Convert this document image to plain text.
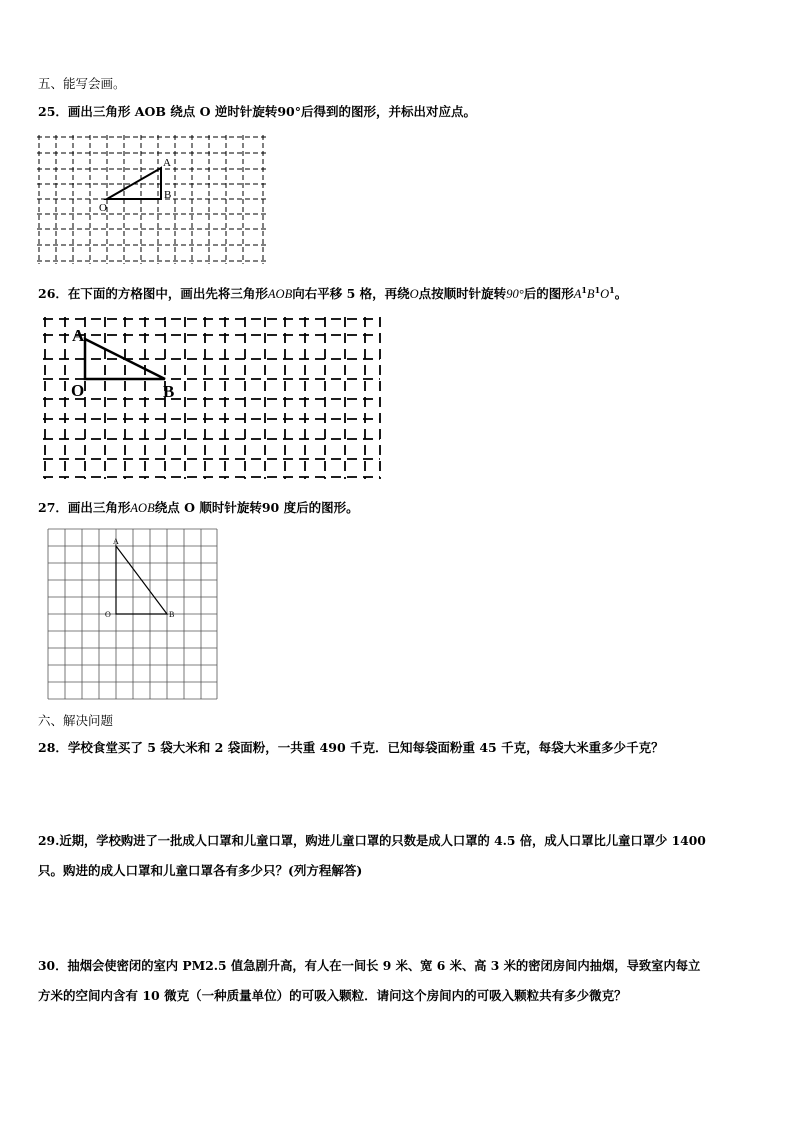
五、能写会画。
25．画出三角形 AOB 绕点 O 逆时针旋转90°后得到的图形，并标出对应点。
A
B
O
26．在下面的方格图中，画出先将三角形AOB向右平移 5 格，再绕O点按顺时针旋转90°后的图形$A^1B^1O^1$。
A
O	B
27．画出三角形AOB绕点 O 顺时针旋转90 度后的图形。
A
O	B
六、解决问题
28．学校食堂买了 5 袋大米和 2 袋面粉，一共重 490 千克．已知每袋面粉重 45 千克，每袋大米重多少千克？
29.近期，学校购进了一批成人口罩和儿童口罩，购进儿童口罩的只数是成人口罩的 4.5 倍，成人口罩比儿童口罩少 1400
只。购进的成人口罩和儿童口罩各有多少只？(列方程解答)
30．抽烟会使密闭的室内 PM2.5 值急剧升高，有人在一间长 9 米、宽 6 米、高 3 米的密闭房间内抽烟，导致室内每立
方米的空间内含有 10 微克（一种质量单位）的可吸入颗粒．请问这个房间内的可吸入颗粒共有多少微克？
